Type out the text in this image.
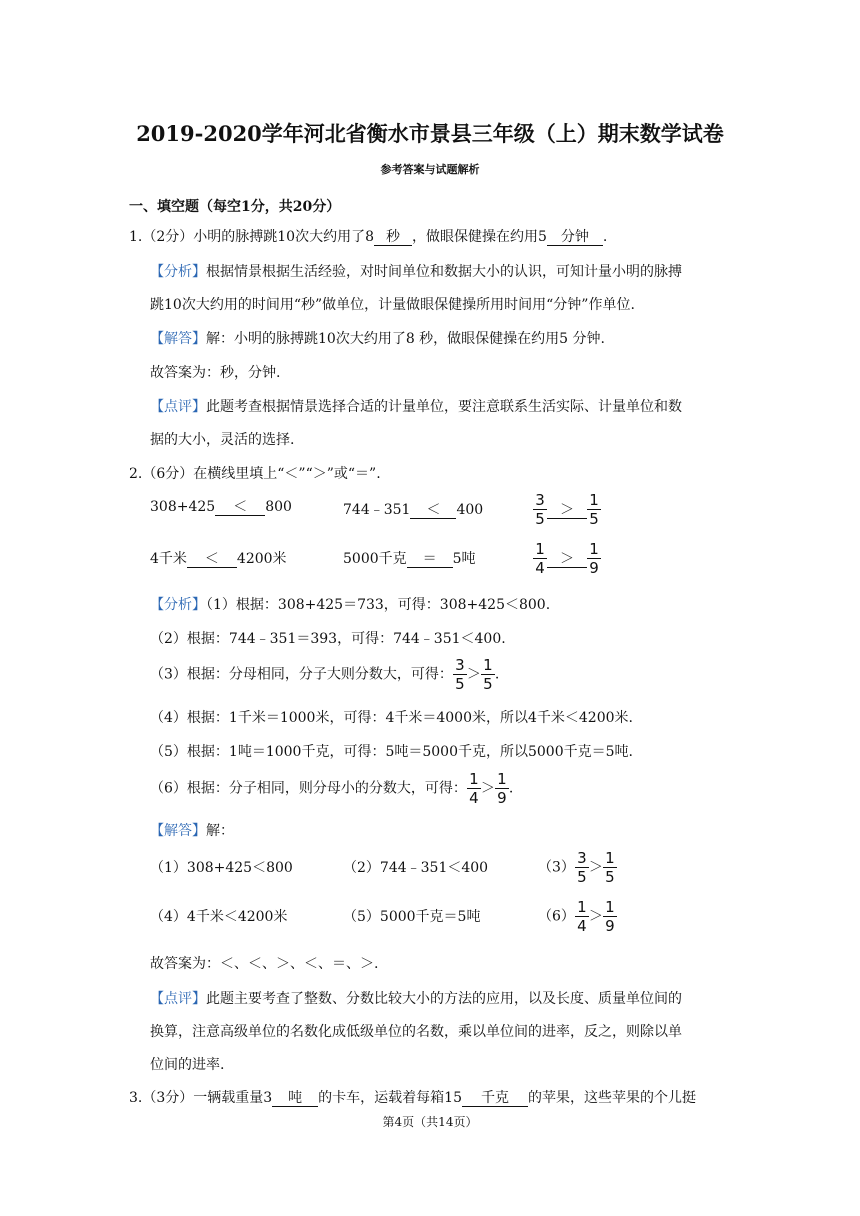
2019-2020学年河北省衡水市景县三年级（上）期末数学试卷
参考答案与试题解析
一、填空题（每空1分，共20分）
1.（2分）小明的脉搏跳10次大约用了8 秒 ，做眼保健操在约用5 分钟 .
【分析】根据情景根据生活经验，对时间单位和数据大小的认识，可知计量小明的脉搏
跳10次大约用的时间用“秒”做单位，计量做眼保健操所用时间用“分钟”作单位.
【解答】解：小明的脉搏跳10次大约用了8 秒，做眼保健操在约用5 分钟.
故答案为：秒，分钟.
【点评】此题考查根据情景选择合适的计量单位，要注意联系生活实际、计量单位和数
据的大小，灵活的选择.
2.（6分）在横线里填上“＜”“＞”或“＝”.
308+425 ＜ 800	744﹣351 ＜ 400	$\frac{3}{5} > \frac{1}{5}$
4千米 ＜ 4200米	5000千克 ＝ 5吨	$\frac{1}{4} > \frac{1}{9}$
【分析】（1）根据：308+425＝733，可得：308+425＜800.
（2）根据：744﹣351＝393，可得：744﹣351＜400.
（3）根据：分母相同，分子大则分数大，可得： $\frac{3}{5} > \frac{1}{5}$ .
（4）根据：1千米＝1000米，可得：4千米＝4000米，所以4千米＜4200米.
（5）根据：1吨＝1000千克，可得：5吨＝5000千克，所以5000千克＝5吨.
（6）根据：分子相同，则分母小的分数大，可得： $\frac{1}{4} > \frac{1}{9}$ .
【解答】解：
（1）308+425＜800	（2）744﹣351＜400	$(3) \frac{3}{5} > \frac{1}{5}$
（4）4千米＜4200米	（5）5000千克＝5吨	$(6) \frac{1}{4} > \frac{1}{9}$
故答案为：＜、＜、＞、＜、＝、＞.
【点评】此题主要考查了整数、分数比较大小的方法的应用，以及长度、质量单位间的
换算，注意高级单位的名数化成低级单位的名数，乘以单位间的进率，反之，则除以单
位间的进率.
3.（3分）一辆载重量3 吨 的卡车，运载着每箱15 千克 的苹果，这些苹果的个儿挺
第4页（共14页）
